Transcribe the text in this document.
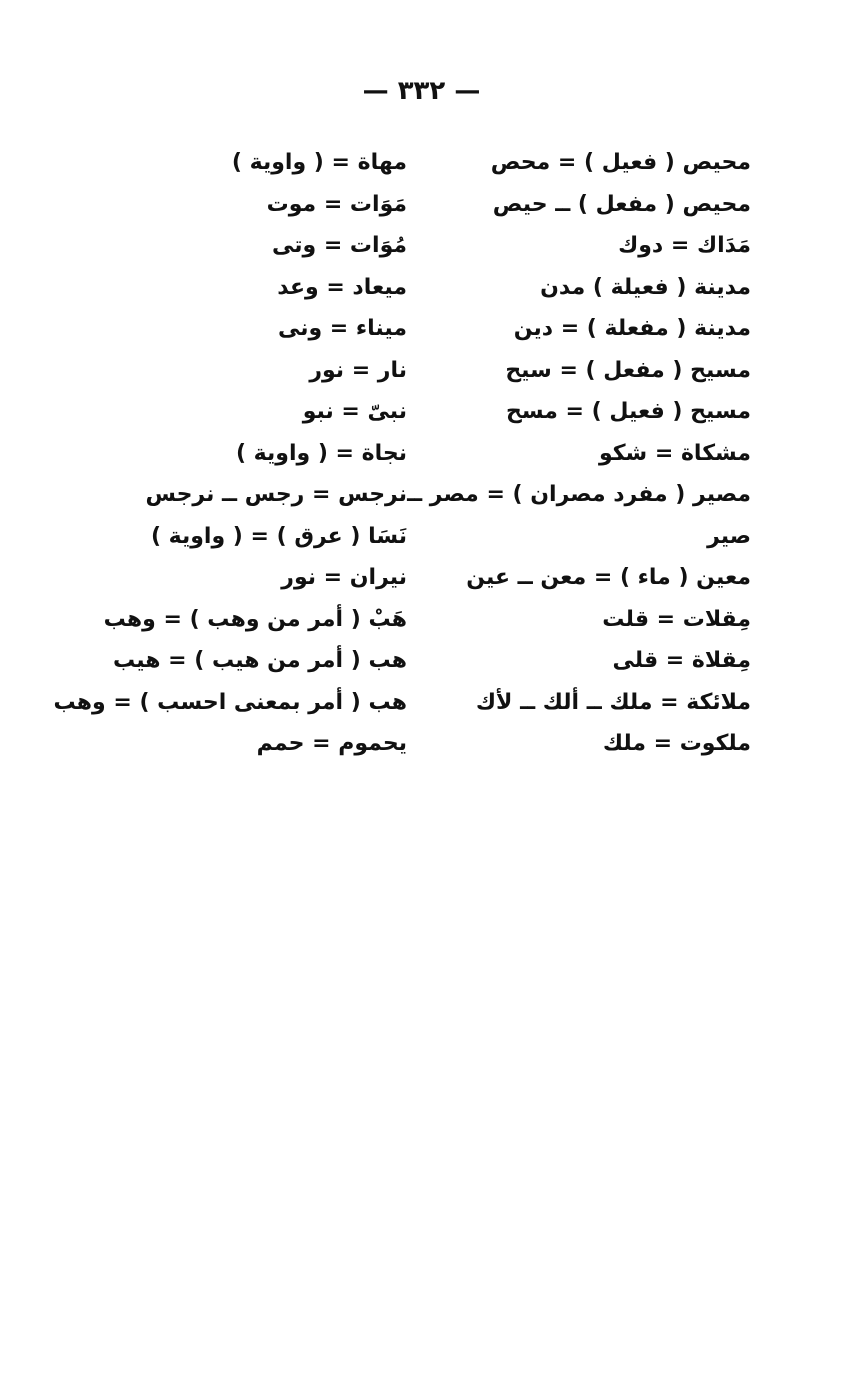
— ٣٣٢ —
محيص ( فعيل ) = محص
محيص ( مفعل ) ــ حيص
مَدَاك = دوك
مدينة ( فعيلة ) مدن
مدينة ( مفعلة ) = دين
مسيح ( مفعل ) = سيح
مسيح ( فعيل ) = مسح
مشكاة = شكو
مصير ( مفرد مصران ) = مصر ــ
صير
معين ( ماء ) = معن ــ عين
مِقلات = قلت
مِقلاة = قلى
ملائكة = ملك ــ ألك ــ لأك
ملكوت = ملك
مهاة = ( واوية )
مَوَات = موت
مُوَات = وتى
ميعاد = وعد
ميناء = ونى
نار = نور
نبىّ = نبو
نجاة = ( واوية )
نرجس = رجس ــ نرجس
نَسَا ( عرق ) = ( واوية )
نيران = نور
هَبْ ( أمر من وهب ) = وهب
هب ( أمر من هيب ) = هيب
هب ( أمر بمعنى احسب ) = وهب
يحموم = حمم
